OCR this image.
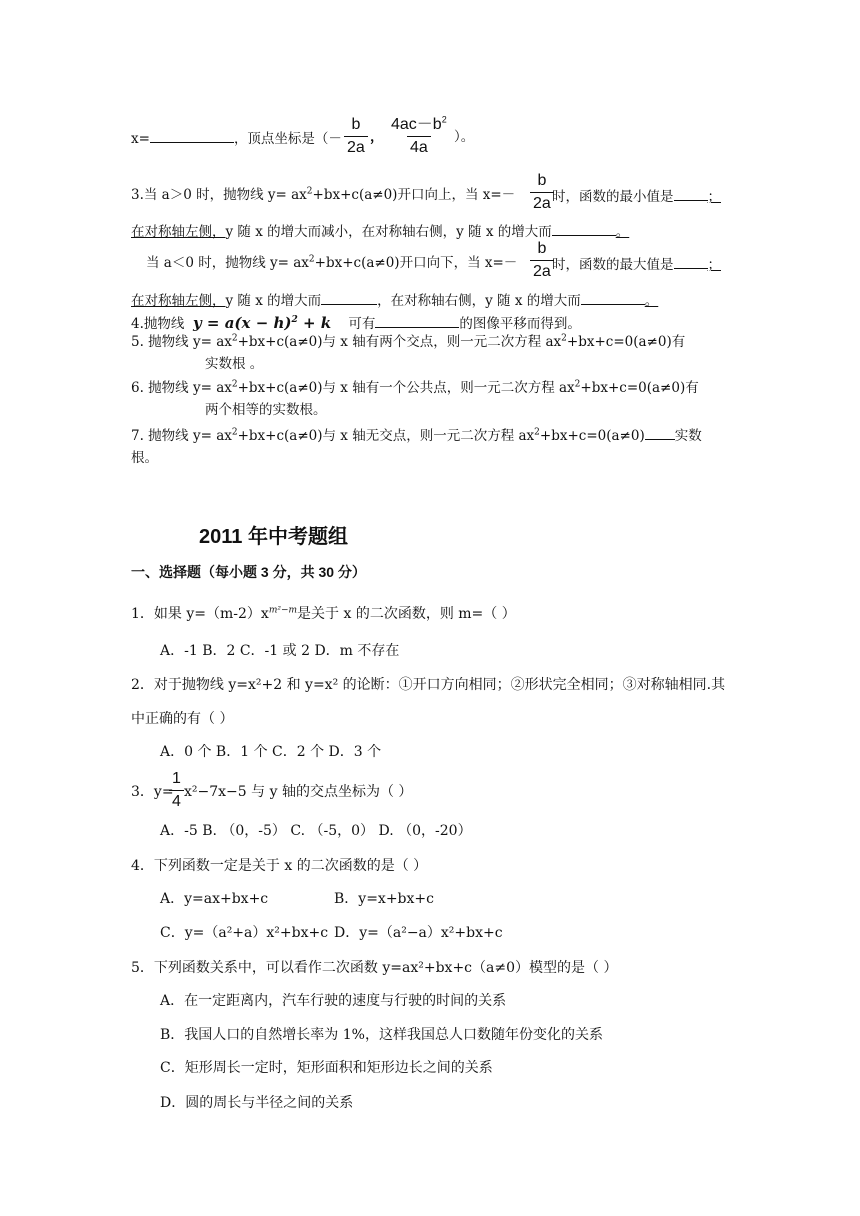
x=	，顶点坐标是（－ $\frac{b}{2a}$ ， $\frac{4ac-b^2}{4a}$ ）。
3.当 a＞0 时，抛物线 $y= ax^2+bx+c(a\ne 0)$开口向上，当 $x=- \frac{b}{2a}$
时，函数的最小值是	；
在对称轴左侧，y 随 x 的增大而减小，在对称轴右侧，y 随 x 的增大而	。
当 a＜0 时，抛物线 $y= ax^2+bx+c(a\ne 0)$开口向下，当 $x=- \frac{b}{2a}$
时，函数的最大值是	；
在对称轴左侧，y 随 x 的增大而	，在对称轴右侧，y 随 x 的增大而	。
4.抛物线 $y = a(x - h)^2 + k$ 可有	的图像平移而得到。
5. 抛物线 $y= ax^2+bx+c(a\ne 0)$与 x 轴有两个交点，则一元二次方程 $ax^2+bx+c=0(a\ne 0)$有
实数根 。
6. 抛物线 $y= ax^2+bx+c(a\ne 0)$与 x 轴有一个公共点，则一元二次方程 $ax^2+bx+c=0(a\ne 0)$有
两个相等的实数根。
7. 抛物线 $y= ax^2+bx+c(a\ne 0)$与 x 轴无交点，则一元二次方程 $ax^2+bx+c=0(a\ne 0)$ 实数
根。
2011 年中考题组
一、选择题（每小题 3 分，共 30 分）
1．如果 $y=(m-2)x^{m^2-m}$是关于 x 的二次函数，则 m=（ ）
A．-1 B．2 C．-1 或 2 D．m 不存在
2．对于抛物线 y=x²+2 和 y=x² 的论断：①开口方向相同；②形状完全相同；③对称轴相同.其
中正确的有（ ）
A．0 个 B．1 个 C．2 个 D．3 个
3．y=
$\frac{1}{4} x^2-7x-5$ 与 y 轴的交点坐标为（ ）
A．-5 B. （0，-5） C. （-5，0） D. （0，-20）
4．下列函数一定是关于 x 的二次函数的是（ ）
A．y=ax+bx+c	B．y=x+bx+c
C．y=（a²+a）x²+bx+c D．y=（a²−a）x²+bx+c
5．下列函数关系中，可以看作二次函数 y=ax²+bx+c（a≠0）模型的是（ ）
A．在一定距离内，汽车行驶的速度与行驶的时间的关系
B．我国人口的自然增长率为 1%，这样我国总人口数随年份变化的关系
C．矩形周长一定时，矩形面积和矩形边长之间的关系
D．圆的周长与半径之间的关系
